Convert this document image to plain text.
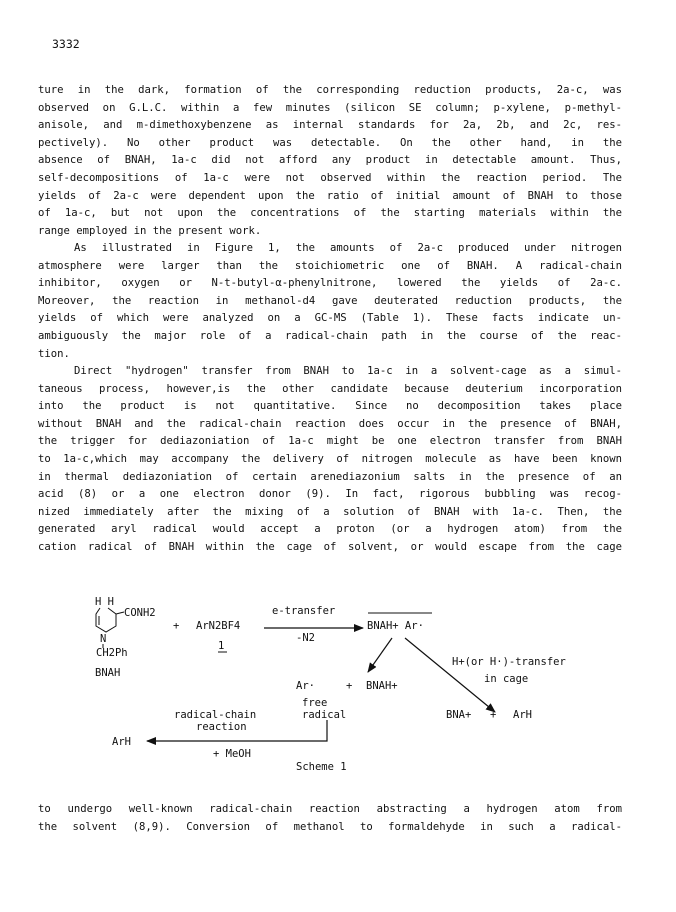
3332
ture in the dark, formation of the corresponding reduction products, 2a-c, was
observed on G.L.C. within a few minutes (silicon SE column; p-xylene, p-methyl-
anisole, and m-dimethoxybenzene as internal standards for 2a, 2b, and 2c, res-
pectively). No other product was detectable. On the other hand, in the
absence of BNAH, 1a-c did not afford any product in detectable amount. Thus,
self-decompositions of 1a-c were not observed within the reaction period. The
yields of 2a-c were dependent upon the ratio of initial amount of BNAH to those
of 1a-c, but not upon the concentrations of the starting materials within the
range employed in the present work.
As illustrated in Figure 1, the amounts of 2a-c produced under nitrogen
atmosphere were larger than the stoichiometric one of BNAH. A radical-chain
inhibitor, oxygen or N-t-butyl-α-phenylnitrone, lowered the yields of 2a-c.
Moreover, the reaction in methanol-d4 gave deuterated reduction products, the
yields of which were analyzed on a GC-MS (Table 1). These facts indicate un-
ambiguously the major role of a radical-chain path in the course of the reac-
tion.
Direct "hydrogen" transfer from BNAH to 1a-c in a solvent-cage as a simul-
taneous process, however,is the other candidate because deuterium incorporation
into the product is not quantitative. Since no decomposition takes place
without BNAH and the radical-chain reaction does occur in the presence of BNAH,
the trigger for dediazoniation of 1a-c might be one electron transfer from BNAH
to 1a-c,which may accompany the delivery of nitrogen molecule as have been known
in thermal dediazoniation of certain arenediazonium salts in the presence of an
acid (8) or a one electron donor (9). In fact, rigorous bubbling was recog-
nized immediately after the mixing of a solution of BNAH with 1a-c. Then, the
generated aryl radical would accept a proton (or a hydrogen atom) from the
cation radical of BNAH within the cage of solvent, or would escape from the cage
H H
CONH2
N
CH2Ph
BNAH
+ ArN2BF4
1
e-transfer
-N2
BNAH+ Ar·
Ar·	+ BNAH+
free
radical
H+(or H·)-transfer
in cage
BNA+ + ArH
radical-chain
reaction
ArH
+ MeOH
Scheme 1
to undergo well-known radical-chain reaction abstracting a hydrogen atom from
the solvent (8,9). Conversion of methanol to formaldehyde in such a radical-
